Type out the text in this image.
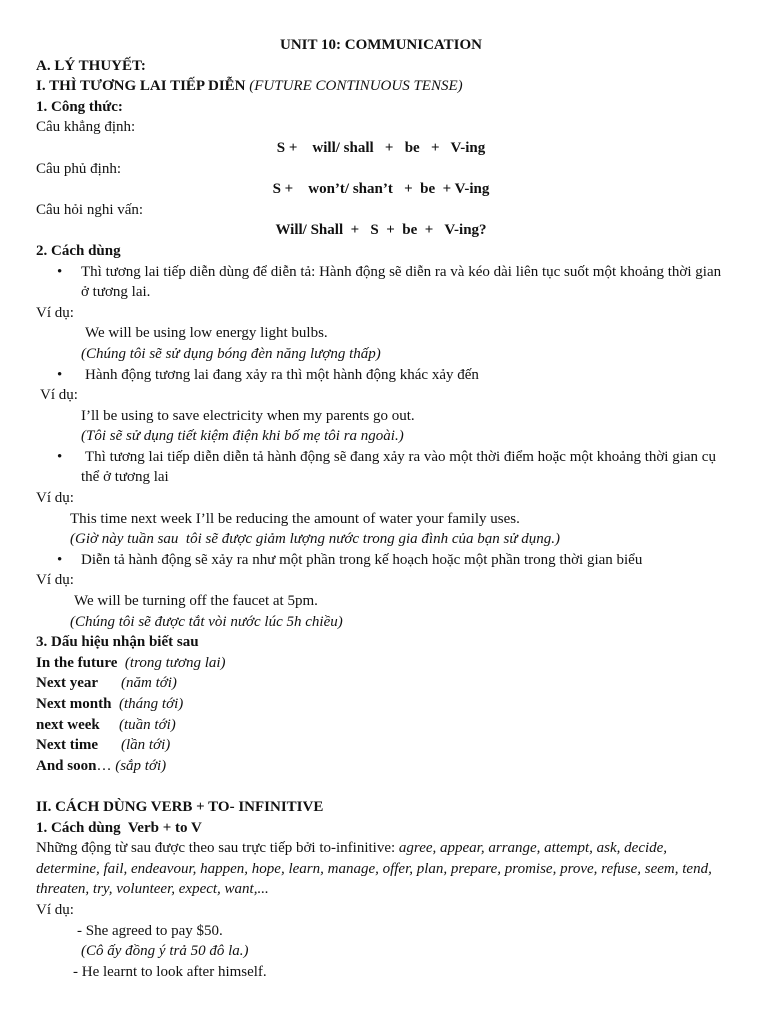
UNIT 10: COMMUNICATION
A. LÝ THUYẾT:
I. THÌ TƯƠNG LAI TIẾP DIỄN (FUTURE CONTINUOUS TENSE)
1. Công thức:
Câu khẳng định:
S +    will/ shall   +   be   +   V-ing
Câu phủ định:
S +    won’t/ shan’t   +  be  + V-ing
Câu hỏi nghi vấn:
Will/ Shall  +   S  +  be  +   V-ing?
2. Cách dùng
• Thì tương lai tiếp diễn dùng để diễn tả: Hành động sẽ diễn ra và kéo dài liên tục suốt một khoảng thời gian ở tương lai.
Ví dụ:
We will be using low energy light bulbs.
(Chúng tôi sẽ sử dụng bóng đèn năng lượng thấp)
• Hành động tương lai đang xảy ra thì một hành động khác xảy đến
Ví dụ:
I’ll be using to save electricity when my parents go out.
(Tôi sẽ sử dụng tiết kiệm điện khi bố mẹ tôi ra ngoài.)
• Thì tương lai tiếp diễn diễn tả hành động sẽ đang xảy ra vào một thời điểm hoặc một khoảng thời gian cụ thể ở tương lai
Ví dụ:
This time next week I’ll be reducing the amount of water your family uses.
(Giờ này tuần sau  tôi sẽ được giảm lượng nước trong gia đình của bạn sử dụng.)
• Diễn tả hành động sẽ xảy ra như một phần trong kế hoạch hoặc một phần trong thời gian biểu
Ví dụ:
We will be turning off the faucet at 5pm.
(Chúng tôi sẽ được tắt vòi nước lúc 5h chiều)
3. Dấu hiệu nhận biết sau
In the future (trong tương lai)
Next year (năm tới)
Next month (tháng tới)
next week (tuần tới)
Next time (lần tới)
And soon… (sắp tới)
II. CÁCH DÙNG VERB + TO- INFINITIVE
1. Cách dùng  Verb + to V
Những động từ sau được theo sau trực tiếp bởi to-infinitive: agree, appear, arrange, attempt, ask, decide, determine, fail, endeavour, happen, hope, learn, manage, offer, plan, prepare, promise, prove, refuse, seem, tend, threaten, try, volunteer, expect, want,...
Ví dụ:
- She agreed to pay $50.
(Cô ấy đồng ý trả 50 đô la.)
- He learnt to look after himself.
